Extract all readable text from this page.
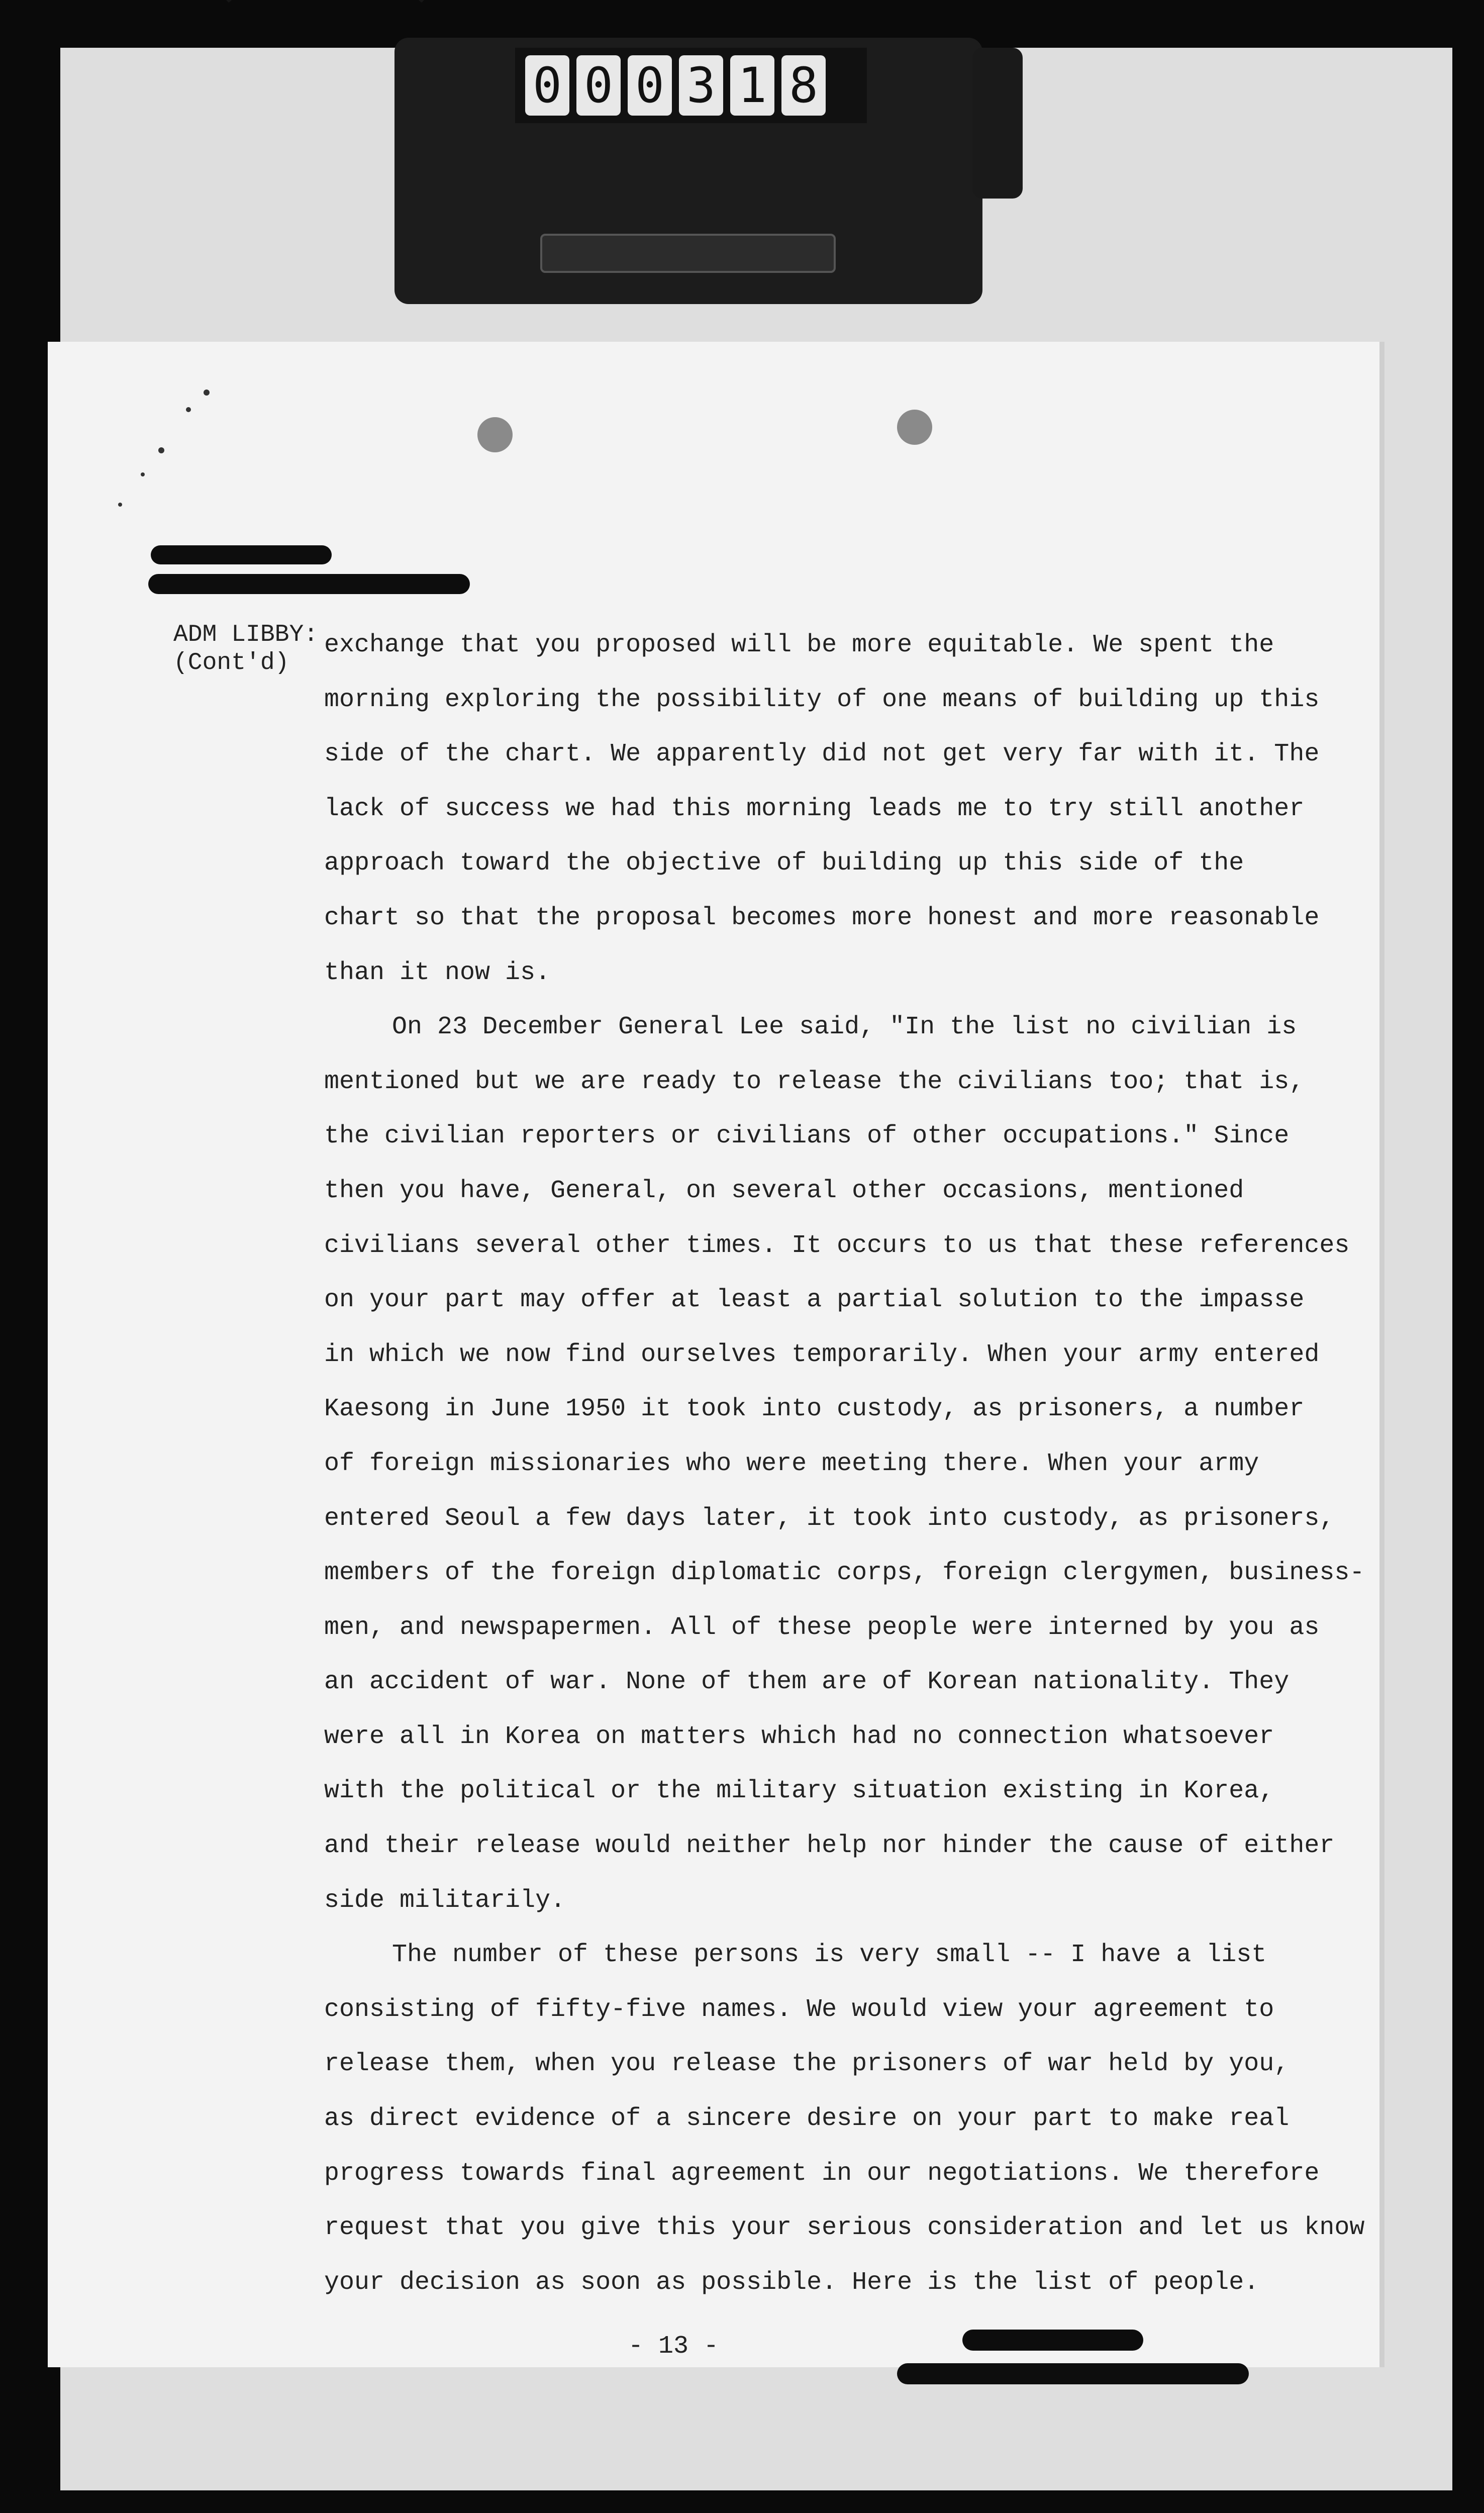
0 0 0 3 1 8
ADM LIBBY:
(Cont'd)
exchange that you proposed will be more equitable. We spent the
morning exploring the possibility of one means of building up this
side of the chart. We apparently did not get very far with it. The
lack of success we had this morning leads me to try still another
approach toward the objective of building up this side of the
chart so that the proposal becomes more honest and more reasonable
than it now is.
On 23 December General Lee said, "In the list no civilian is
mentioned but we are ready to release the civilians too; that is,
the civilian reporters or civilians of other occupations." Since
then you have, General, on several other occasions, mentioned
civilians several other times. It occurs to us that these references
on your part may offer at least a partial solution to the impasse
in which we now find ourselves temporarily. When your army entered
Kaesong in June 1950 it took into custody, as prisoners, a number
of foreign missionaries who were meeting there. When your army
entered Seoul a few days later, it took into custody, as prisoners,
members of the foreign diplomatic corps, foreign clergymen, business-
men, and newspapermen. All of these people were interned by you as
an accident of war. None of them are of Korean nationality. They
were all in Korea on matters which had no connection whatsoever
with the political or the military situation existing in Korea,
and their release would neither help nor hinder the cause of either
side militarily.
The number of these persons is very small -- I have a list
consisting of fifty-five names. We would view your agreement to
release them, when you release the prisoners of war held by you,
as direct evidence of a sincere desire on your part to make real
progress towards final agreement in our negotiations. We therefore
request that you give this your serious consideration and let us know
your decision as soon as possible. Here is the list of people.
- 13 -
